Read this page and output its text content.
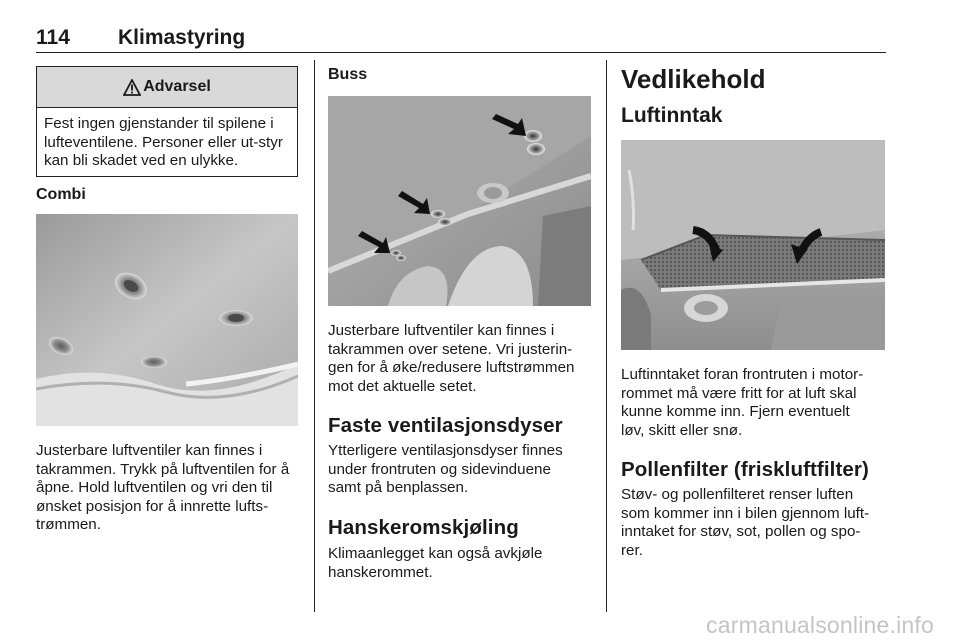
114 Klimastyring
Advarsel
Fest ingen gjenstander til spilene i lufteventilene. Personer eller ut-styr kan bli skadet ved en ulykke.

Combi

Justerbare luftventiler kan finnes i

takrammen. Trykk på luftventilen for å

åpne. Hold luftventilen og vri den til

ønsket posisjon for å innrette lufts-

trømmen.

Buss

Justerbare luftventiler kan finnes i

takrammen over setene. Vri justerin-

gen for å øke/redusere luftstrømmen

mot det aktuelle setet.

Faste ventilasjonsdyser

Ytterligere ventilasjonsdyser finnes

under frontruten og sidevinduene

samt på benplassen.

Hanskeromskjøling

Klimaanlegget kan også avkjøle

hanskerommet.

Vedlikehold

Luftinntak

Luftinntaket foran frontruten i motor-

rommet må være fritt for at luft skal

kunne komme inn. Fjern eventuelt

løv, skitt eller snø.

Pollenfilter (friskluftfilter)

Støv- og pollenfilteret renser luften

som kommer inn i bilen gjennom luft-

inntaket for støv, sot, pollen og spo-

rer.

carmanualsonline.info
